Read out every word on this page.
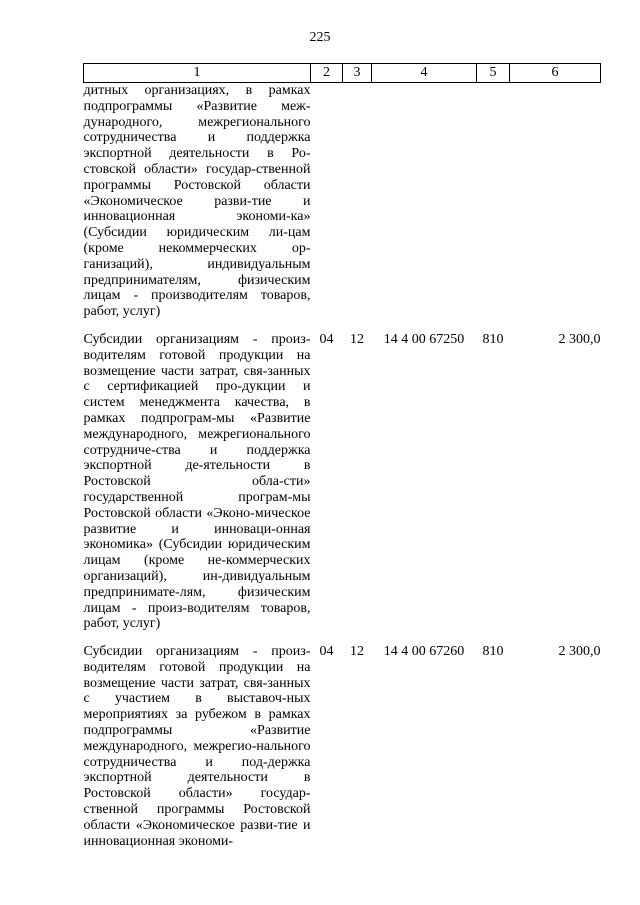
225
1	2	3	4	5	6
дитных организациях, в рамках подпрограммы «Развитие меж-дународного, межрегионального сотрудничества и поддержка экспортной деятельности в Ро-стовской области» государ-ственной программы Ростовской области «Экономическое разви-тие и инновационная экономи-ка» (Субсидии юридическим ли-цам (кроме некоммерческих ор-ганизаций), индивидуальным предпринимателям, физическим лицам - производителям товаров, работ, услуг)					

Субсидии организациям - произ-водителям готовой продукции на возмещение части затрат, свя-занных с сертификацией про-дукции и систем менеджмента качества, в рамках подпрограм-мы «Развитие международного, межрегионального сотрудниче-ства и поддержка экспортной де-ятельности в Ростовской обла-сти» государственной програм-мы Ростовской области «Эконо-мическое развитие и инноваци-онная экономика» (Субсидии юридическим лицам (кроме не-коммерческих организаций), ин-дивидуальным предпринимате-лям, физическим лицам - произ-водителям товаров, работ, услуг)	04	12	14 4 00 67250	810	2 300,0

Субсидии организациям - произ-водителям готовой продукции на возмещение части затрат, свя-занных с участием в выставоч-ных мероприятиях за рубежом в рамках подпрограммы «Развитие международного, межрегио-нального сотрудничества и под-держка экспортной деятельности в Ростовской области» государ-ственной программы Ростовской области «Экономическое разви-тие и инновационная экономи-	04	12	14 4 00 67260	810	2 300,0
